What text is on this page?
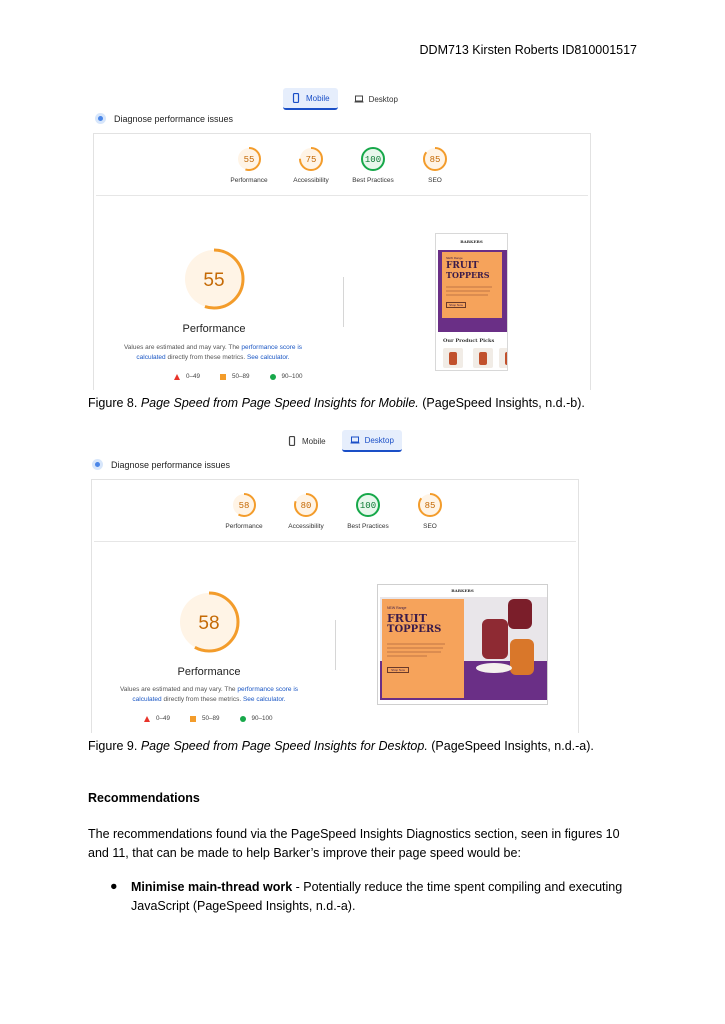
DDM713 Kirsten Roberts ID810001517
Mobile	Desktop
Diagnose performance issues
55
Performance
75
Accessibility
100
Best Practices
85
SEO
55
Performance
Values are estimated and may vary. The performance score is calculated directly from these metrics. See calculator.
0–49	50–89	90–100
BARKERS
NEW Range
FRUIT
TOPPERS
Shop Now
Our Product Picks
Figure 8. Page Speed from Page Speed Insights for Mobile. (PageSpeed Insights, n.d.-b).
Mobile	Desktop
Diagnose performance issues
58
Performance
80
Accessibility
100
Best Practices
85
SEO
58
Performance
Values are estimated and may vary. The performance score is calculated directly from these metrics. See calculator.
0–49	50–89	90–100
BARKERS
NEW Range
FRUIT
TOPPERS
Shop Now
Figure 9. Page Speed from Page Speed Insights for Desktop. (PageSpeed Insights, n.d.-a).
Recommendations
The recommendations found via the PageSpeed Insights Diagnostics section, seen in figures 10 and 11, that can be made to help Barker’s improve their page speed would be:
● Minimise main-thread work - Potentially reduce the time spent compiling and executing JavaScript (PageSpeed Insights, n.d.-a).
